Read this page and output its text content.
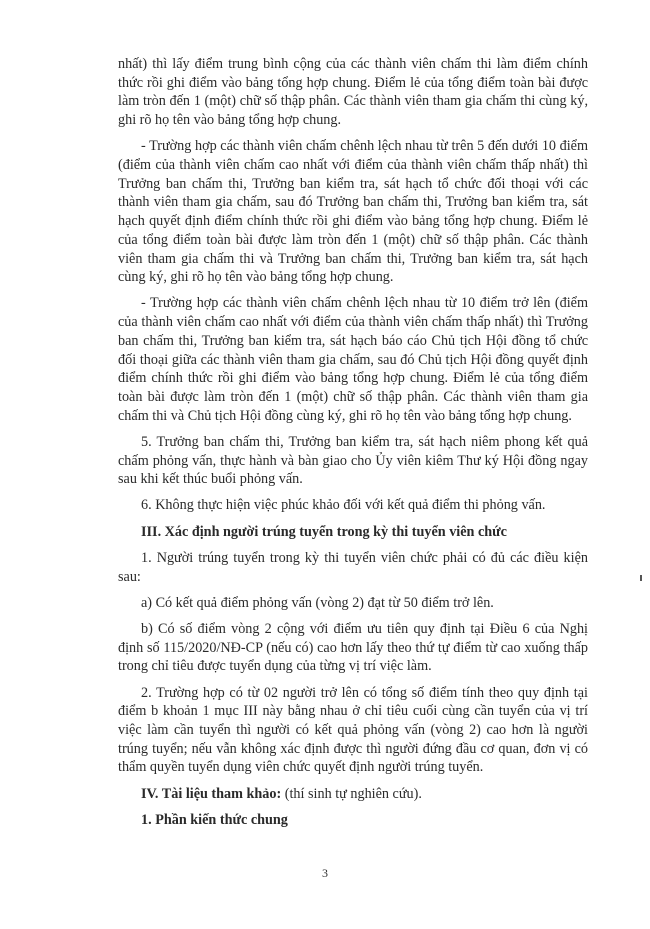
nhất) thì lấy điểm trung bình cộng của các thành viên chấm thi làm điểm chính thức rồi ghi điểm vào bảng tổng hợp chung. Điểm lẻ của tổng điểm toàn bài được làm tròn đến 1 (một) chữ số thập phân. Các thành viên tham gia chấm thi cùng ký, ghi rõ họ tên vào bảng tổng hợp chung.

- Trường hợp các thành viên chấm chênh lệch nhau từ trên 5 đến dưới 10 điểm (điểm của thành viên chấm cao nhất với điểm của thành viên chấm thấp nhất) thì Trưởng ban chấm thi, Trưởng ban kiểm tra, sát hạch tổ chức đối thoại với các thành viên tham gia chấm, sau đó Trưởng ban chấm thi, Trưởng ban kiểm tra, sát hạch quyết định điểm chính thức rồi ghi điểm vào bảng tổng hợp chung. Điểm lẻ của tổng điểm toàn bài được làm tròn đến 1 (một) chữ số thập phân. Các thành viên tham gia chấm thi và Trưởng ban chấm thi, Trưởng ban kiểm tra, sát hạch cùng ký, ghi rõ họ tên vào bảng tổng hợp chung.

- Trường hợp các thành viên chấm chênh lệch nhau từ 10 điểm trở lên (điểm của thành viên chấm cao nhất với điểm của thành viên chấm thấp nhất) thì Trưởng ban chấm thi, Trưởng ban kiểm tra, sát hạch báo cáo Chủ tịch Hội đồng tổ chức đối thoại giữa các thành viên tham gia chấm, sau đó Chủ tịch Hội đồng quyết định điểm chính thức rồi ghi điểm vào bảng tổng hợp chung. Điểm lẻ của tổng điểm toàn bài được làm tròn đến 1 (một) chữ số thập phân. Các thành viên tham gia chấm thi và Chủ tịch Hội đồng cùng ký, ghi rõ họ tên vào bảng tổng hợp chung.

5. Trưởng ban chấm thi, Trưởng ban kiểm tra, sát hạch niêm phong kết quả chấm phỏng vấn, thực hành và bàn giao cho Ủy viên kiêm Thư ký Hội đồng ngay sau khi kết thúc buổi phỏng vấn.

6. Không thực hiện việc phúc khảo đối với kết quả điểm thi phỏng vấn.

III. Xác định người trúng tuyển trong kỳ thi tuyển viên chức

1. Người trúng tuyển trong kỳ thi tuyển viên chức phải có đủ các điều kiện sau:

a) Có kết quả điểm phỏng vấn (vòng 2) đạt từ 50 điểm trở lên.

b) Có số điểm vòng 2 cộng với điểm ưu tiên quy định tại Điều 6 của Nghị định số 115/2020/NĐ-CP (nếu có) cao hơn lấy theo thứ tự điểm từ cao xuống thấp trong chỉ tiêu được tuyển dụng của từng vị trí việc làm.

2. Trường hợp có từ 02 người trở lên có tổng số điểm tính theo quy định tại điểm b khoản 1 mục III này bằng nhau ở chỉ tiêu cuối cùng cần tuyển của vị trí việc làm cần tuyển thì người có kết quả phỏng vấn (vòng 2) cao hơn là người trúng tuyển; nếu vẫn không xác định được thì người đứng đầu cơ quan, đơn vị có thẩm quyền tuyển dụng viên chức quyết định người trúng tuyển.

IV. Tài liệu tham khảo: (thí sinh tự nghiên cứu).

1. Phần kiến thức chung

3
